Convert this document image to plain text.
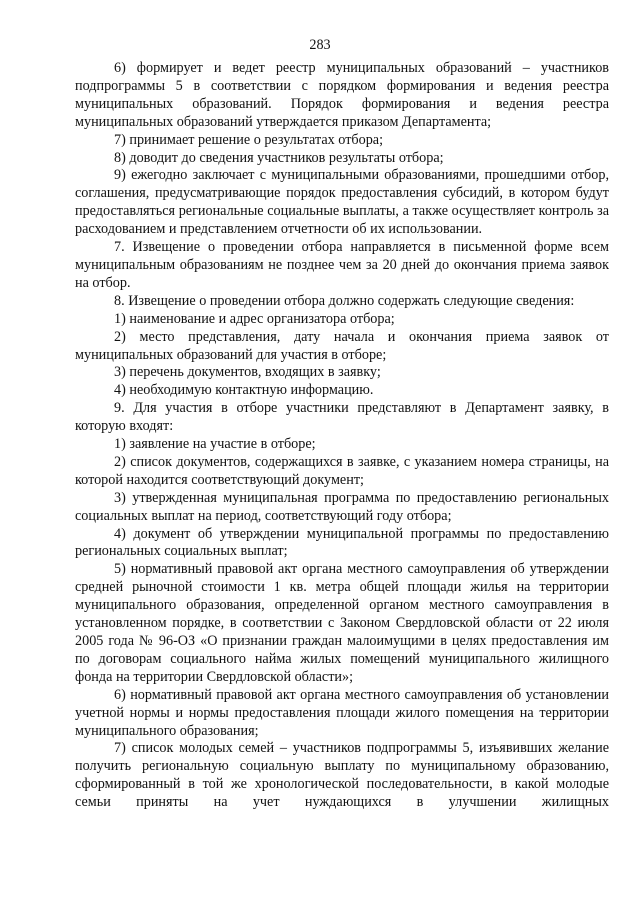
283

6) формирует и ведет реестр муниципальных образований – участников подпрограммы 5 в соответствии с порядком формирования и ведения реестра муниципальных образований. Порядок формирования и ведения реестра муниципальных образований утверждается приказом Департамента;

7) принимает решение о результатах отбора;

8) доводит до сведения участников результаты отбора;

9) ежегодно заключает с муниципальными образованиями, прошедшими отбор, соглашения, предусматривающие порядок предоставления субсидий, в котором будут предоставляться региональные социальные выплаты, а также осуществляет контроль за расходованием и представлением отчетности об их использовании.

7. Извещение о проведении отбора направляется в письменной форме всем муниципальным образованиям не позднее чем за 20 дней до окончания приема заявок на отбор.

8. Извещение о проведении отбора должно содержать следующие сведения:

1) наименование и адрес организатора отбора;

2) место представления, дату начала и окончания приема заявок от муниципальных образований для участия в отборе;

3) перечень документов, входящих в заявку;

4) необходимую контактную информацию.

9. Для участия в отборе участники представляют в Департамент заявку, в которую входят:

1) заявление на участие в отборе;

2) список документов, содержащихся в заявке, с указанием номера страницы, на которой находится соответствующий документ;

3) утвержденная муниципальная программа по предоставлению региональных социальных выплат на период, соответствующий году отбора;

4) документ об утверждении муниципальной программы по предоставлению региональных социальных выплат;

5) нормативный правовой акт органа местного самоуправления об утверждении средней рыночной стоимости 1 кв. метра общей площади жилья на территории муниципального образования, определенной органом местного самоуправления в установленном порядке, в соответствии с Законом Свердловской области от 22 июля 2005 года № 96-ОЗ «О признании граждан малоимущими в целях предоставления им по договорам социального найма жилых помещений муниципального жилищного фонда на территории Свердловской области»;

6) нормативный правовой акт органа местного самоуправления об установлении учетной нормы и нормы предоставления площади жилого помещения на территории муниципального образования;

7) список молодых семей – участников подпрограммы 5, изъявивших желание получить региональную социальную выплату по муниципальному образованию, сформированный в той же хронологической последовательности, в какой молодые семьи приняты на учет нуждающихся в улучшении жилищных
